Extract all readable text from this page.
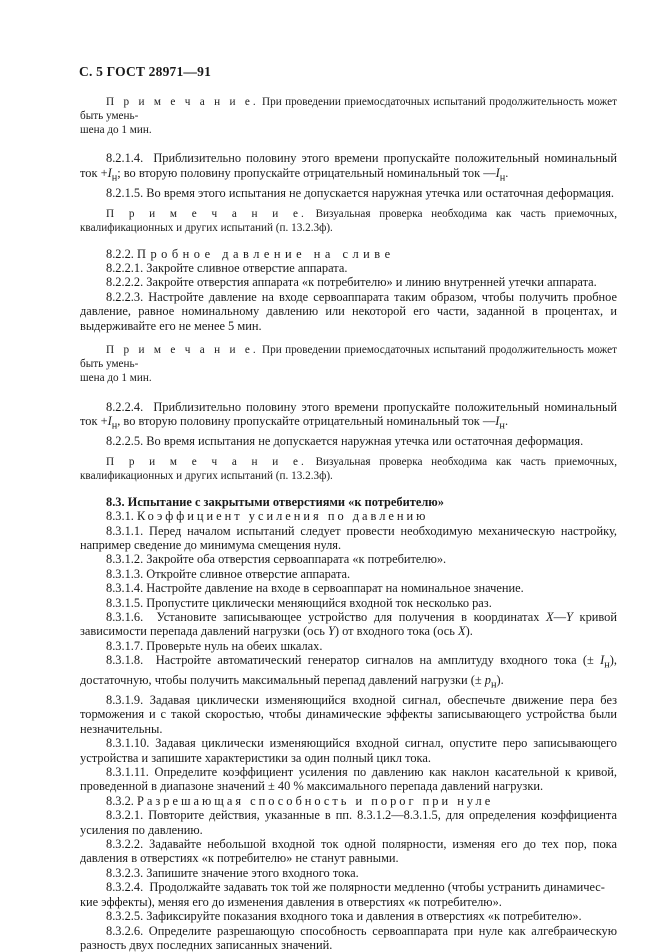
С. 5 ГОСТ 28971—91

П р и м е ч а н и е. При проведении приемосдаточных испытаний продолжительность может быть умень-
шена до 1 мин.

8.2.1.4.  Приблизительно половину этого времени пропускайте положительный номинальный ток $+I_н$; во вторую половину пропускайте отрицательный номинальный ток $—I_н$.

8.2.1.5. Во время этого испытания не допускается наружная утечка или остаточная деформация.

П р и м е ч а н и е. Визуальная проверка необходима как часть приемочных, квалификационных и других испытаний (п. 13.2.3ф).

8.2.2. Пробное давление на сливе

8.2.2.1. Закройте сливное отверстие аппарата.

8.2.2.2. Закройте отверстия аппарата «к потребителю» и линию внутренней утечки аппарата.

8.2.2.3. Настройте давление на входе сервоаппарата таким образом, чтобы получить пробное давление, равное номинальному давлению или некоторой его части, заданной в процентах, и выдерживайте его не менее 5 мин.

П р и м е ч а н и е. При проведении приемосдаточных испытаний продолжительность может быть умень-
шена до 1 мин.

8.2.2.4.  Приблизительно половину этого времени пропускайте положительный номинальный ток $+I_н$, во вторую половину пропускайте отрицательный номинальный ток $—I_н$.

8.2.2.5. Во время испытания не допускается наружная утечка или остаточная деформация.

П р и м е ч а н и е. Визуальная проверка необходима как часть приемочных, квалификационных и других испытаний (п. 13.2.3ф).

8.3. Испытание с закрытыми отверстиями «к потребителю»

8.3.1. Коэффициент усиления по давлению

8.3.1.1. Перед началом испытаний следует провести необходимую механическую настройку, например сведение до минимума смещения нуля.

8.3.1.2. Закройте оба отверстия сервоаппарата «к потребителю».

8.3.1.3. Откройте сливное отверстие аппарата.

8.3.1.4. Настройте давление на входе в сервоаппарат на номинальное значение.

8.3.1.5. Пропустите циклически меняющийся входной ток несколько раз.

8.3.1.6.  Установите записывающее устройство для получения в координатах X—Y кривой зависимости перепада давлений нагрузки (ось Y) от входного тока (ось X).

8.3.1.7. Проверьте нуль на обеих шкалах.

8.3.1.8.  Настройте автоматический генератор сигналов на амплитуду входного тока (± $I_н$), достаточную, чтобы получить максимальный перепад давлений нагрузки (± $p_н$).

8.3.1.9. Задавая циклически изменяющийся входной сигнал, обеспечьте движение пера без торможения и с такой скоростью, чтобы динамические эффекты записывающего устройства были незначительны.

8.3.1.10. Задавая циклически изменяющийся входной сигнал, опустите перо записывающего устройства и запишите характеристики за один полный цикл тока.

8.3.1.11. Определите коэффициент усиления по давлению как наклон касательной к кривой, проведенной в диапазоне значений ± 40 % максимального перепада давлений нагрузки.

8.3.2. Разрешающая способность и порог при нуле

8.3.2.1. Повторите действия, указанные в пп. 8.3.1.2—8.3.1.5, для определения коэффициента усиления по давлению.

8.3.2.2. Задавайте небольшой входной ток одной полярности, изменяя его до тех пор, пока давления в отверстиях «к потребителю» не станут равными.

8.3.2.3. Запишите значение этого входного тока.

8.3.2.4.  Продолжайте задавать ток той же полярности медленно (чтобы устранить динамичес-
кие эффекты), меняя его до изменения давления в отверстиях «к потребителю».

8.3.2.5. Зафиксируйте показания входного тока и давления в отверстиях «к потребителю».

8.3.2.6. Определите разрешающую способность сервоаппарата при нуле как алгебраическую разность двух последних записанных значений.
